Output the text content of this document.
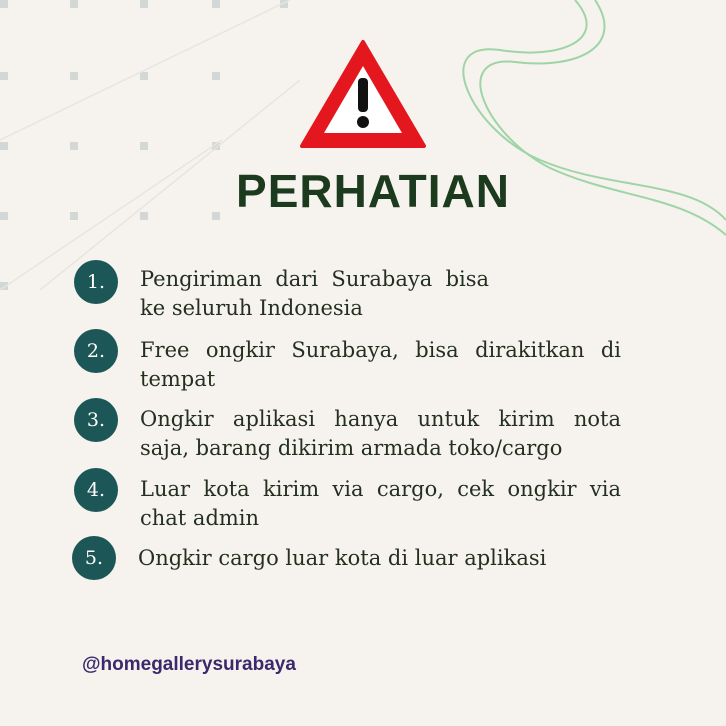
PERHATIAN
1.	Pengiriman  dari  Surabaya  bisa
ke seluruh Indonesia
2.	Free ongkir Surabaya, bisa dirakitkan di
tempat
3.	Ongkir aplikasi hanya untuk kirim nota
saja, barang dikirim armada toko/cargo
4.	Luar kota kirim via cargo, cek ongkir via
chat admin
5.	Ongkir cargo luar kota di luar aplikasi
@homegallerysurabaya
